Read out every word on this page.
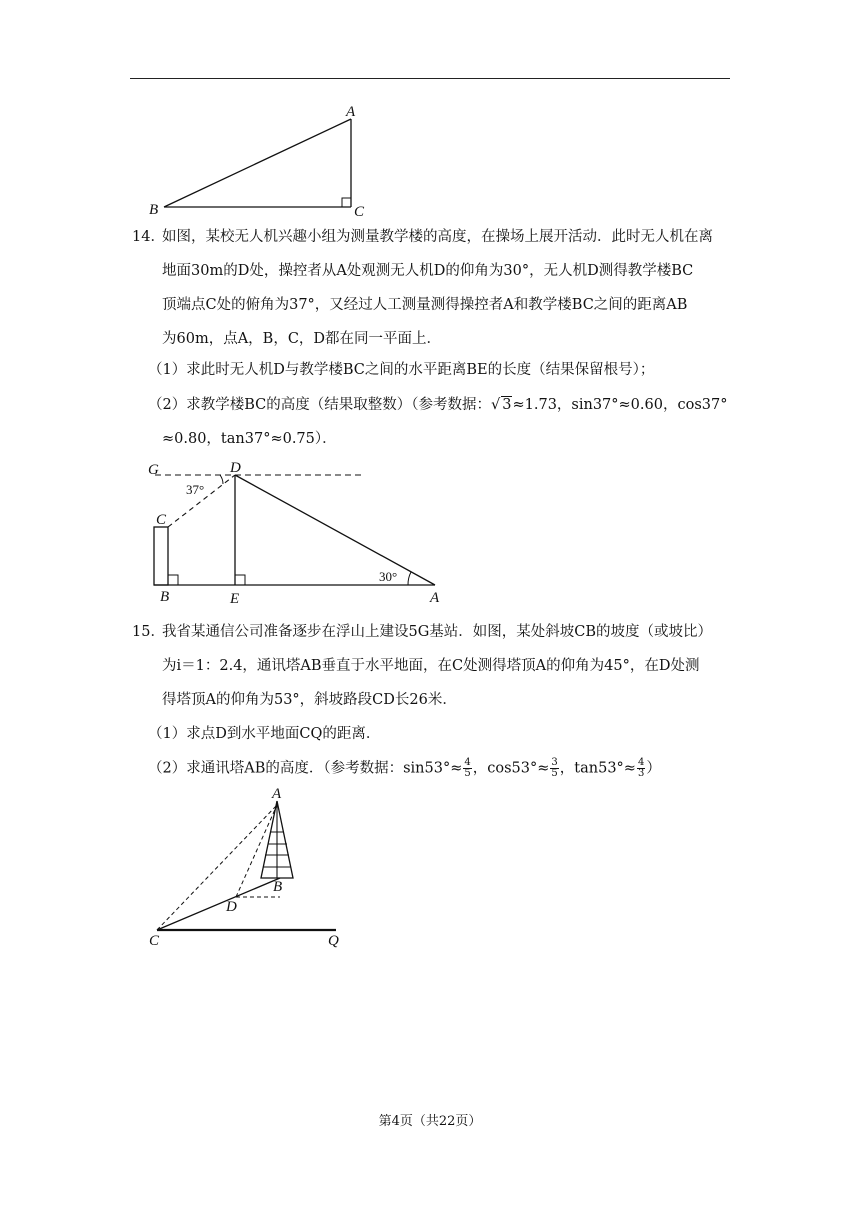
A
B	C
14．
如图，某校无人机兴趣小组为测量教学楼的高度，在操场上展开活动．此时无人机在离
地面30m的D处，操控者从A处观测无人机D的仰角为30°，无人机D测得教学楼BC
顶端点C处的俯角为37°，又经过人工测量测得操控者A和教学楼BC之间的距离AB
为60m，点A，B，C，D都在同一平面上．
（1）求此时无人机D与教学楼BC之间的水平距离BE的长度（结果保留根号）；
（2）求教学楼BC的高度（结果取整数）（参考数据：√ 3≈1.73，sin37°≈0.60，cos37°
≈0.80，tan37°≈0.75）．
G	D
37°
C
30°
B	E	A
15．
我省某通信公司准备逐步在浮山上建设5G基站．如图，某处斜坡CB的坡度（或坡比）
为i＝1：2.4，通讯塔AB垂直于水平地面，在C处测得塔顶A的仰角为45°，在D处测
得塔顶A的仰角为53°，斜坡路段CD长26米．
（1）求点D到水平地面CQ的距离．
（2）求通讯塔AB的高度．（参考数据：$\sin 53^\circ\approx \frac{4}{5}$ ，$\cos 53^\circ\approx \frac{3}{5}$ ，$\tan 53^\circ\approx \frac{4}{3}$ ）
A
B
D
C	Q
第4页（共22页）
